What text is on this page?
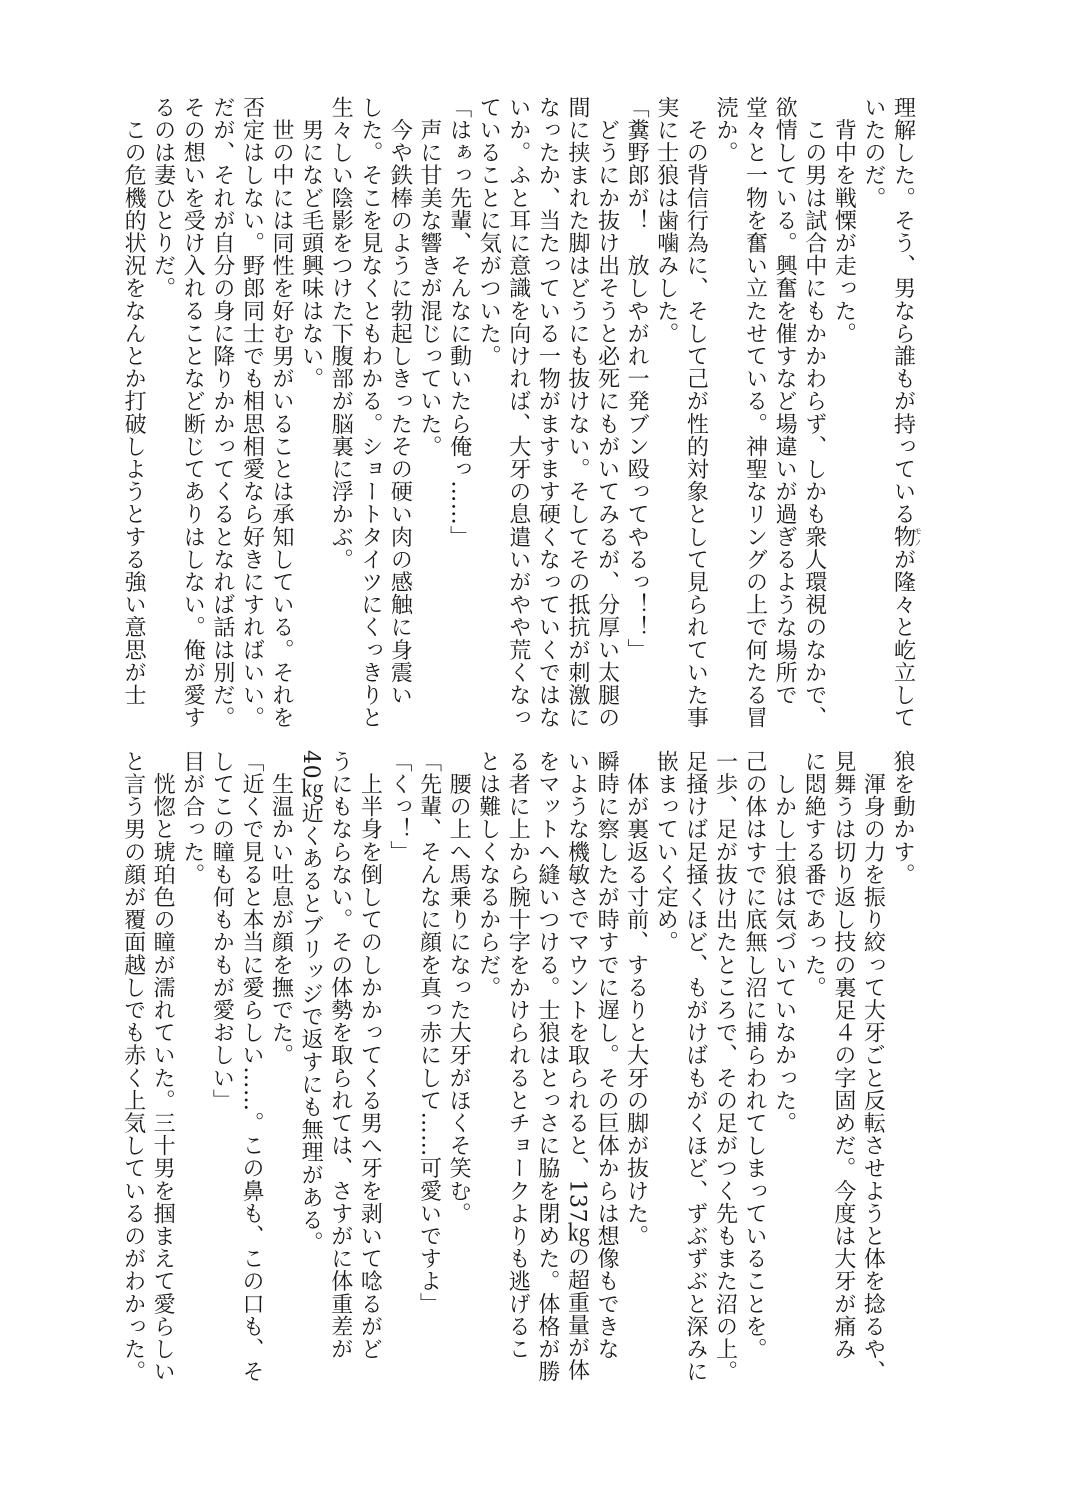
理解した。そう、男なら誰もが持っている物モノが隆々と屹立して
いたのだ。
　背中を戦慄が走った。
　この男は試合中にもかかわらず、しかも衆人環視のなかで、
欲情している。興奮を催すなど場違いが過ぎるような場所で
堂々と一物を奮い立たせている。神聖なリングの上で何たる冒
涜か。
　その背信行為に、そして己が性的対象として見られていた事
実に士狼は歯噛みした。
「糞野郎が！　放しやがれ一発ブン殴ってやるっ！！」
　どうにか抜け出そうと必死にもがいてみるが、分厚い太腿の
間に挟まれた脚はどうにも抜けない。そしてその抵抗が刺激に
なったか、当たっている一物がますます硬くなっていくではな
いか。ふと耳に意識を向ければ、大牙の息遣いがやや荒くなっ
ていることに気がついた。
「はぁっ先輩、そんなに動いたら俺っ……」
　声に甘美な響きが混じっていた。
　今や鉄棒のように勃起しきったその硬い肉の感触に身震い
した。そこを見なくともわかる。ショートタイツにくっきりと
生々しい陰影をつけた下腹部が脳裏に浮かぶ。
　男になど毛頭興味はない。
　世の中には同性を好む男がいることは承知している。それを
否定はしない。野郎同士でも相思相愛なら好きにすればいい。
だが、それが自分の身に降りかかってくるとなれば話は別だ。
その想いを受け入れることなど断じてありはしない。俺が愛す
るのは妻ひとりだ。
　この危機的状況をなんとか打破しようとする強い意思が士
狼を動かす。
　渾身の力を振り絞って大牙ごと反転させようと体を捻るや、
見舞うは切り返し技の裏足４の字固めだ。今度は大牙が痛み
に悶絶する番であった。
　しかし士狼は気づいていなかった。
己の体はすでに底無し沼に捕らわれてしまっていることを。
一歩、足が抜け出たところで、その足がつく先もまた沼の上。
足掻けば足掻くほど、もがけばもがくほど、ずぶずぶと深みに
嵌まっていく定め。
　体が裏返る寸前、するりと大牙の脚が抜けた。
瞬時に察したが時すでに遅し。その巨体からは想像もできな
いような機敏さでマウントを取られると、137㎏の超重量が体
をマットへ縫いつける。士狼はとっさに脇を閉めた。体格が勝
る者に上から腕十字をかけられるとチョークよりも逃げるこ
とは難しくなるからだ。
　腰の上へ馬乗りになった大牙がほくそ笑む。
「先輩、そんなに顔を真っ赤にして……可愛いですよ」
「くっ！」
　上半身を倒してのしかかってくる男へ牙を剥いて唸るがど
うにもならない。その体勢を取られては、さすがに体重差が
40㎏近くあるとブリッジで返すにも無理がある。
　生温かい吐息が顔を撫でた。
「近くで見ると本当に愛らしい……。この鼻も、この口も、そ
してこの瞳も何もかもが愛おしい」
目が合った。
　恍惚と琥珀色の瞳が濡れていた。三十男を掴まえて愛らしい
と言う男の顔が覆面越しでも赤く上気しているのがわかった。
